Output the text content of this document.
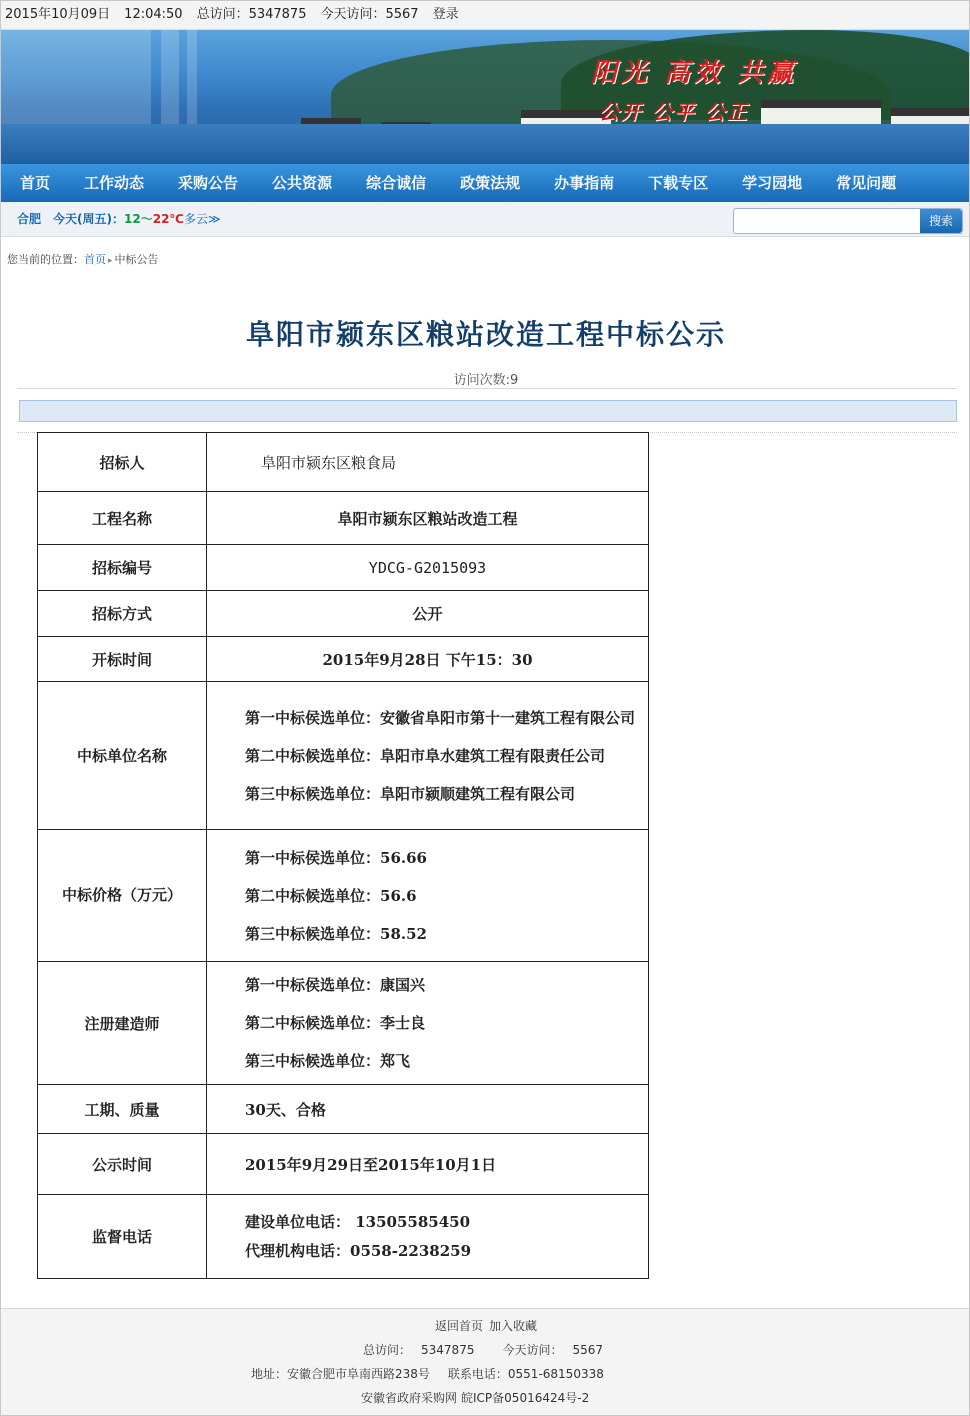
2015年10月09日 12:04:50 总访问：5347875 今天访问：5567 登录
阳光 高效 共赢
公开 公平 公正
首页	工作动态	采购公告	公共资源	综合诚信	政策法规	办事指南	下载专区	学习园地	常见问题
合肥 今天(周五)：12～22℃多云≫	搜索
您当前的位置：首页 ▸ 中标公告
阜阳市颍东区粮站改造工程中标公示
访问次数:9
招标人	阜阳市颍东区粮食局
工程名称	阜阳市颍东区粮站改造工程
招标编号	YDCG-G2015093
招标方式	公开
开标时间	2015年9月28日 下午15：30
中标单位名称	第一中标侯选单位：安徽省阜阳市第十一建筑工程有限公司
第二中标候选单位：阜阳市阜水建筑工程有限责任公司
第三中标候选单位：阜阳市颍顺建筑工程有限公司

中标价格（万元）	第一中标侯选单位：56.66
第二中标候选单位：56.6
第三中标候选单位：58.52

注册建造师	第一中标侯选单位：康国兴
第二中标候选单位：李士良
第三中标候选单位：郑飞

工期、质量	30天、合格

公示时间	2015年9月29日至2015年10月1日

监督电话	建设单位电话： 13505585450
代理机构电话：0558-2238259
返回首页 加入收藏
总访问： 5347875 今天访问： 5567
地址：安徽合肥市阜南西路238号 联系电话：0551-68150338
安徽省政府采购网 皖ICP备05016424号-2
